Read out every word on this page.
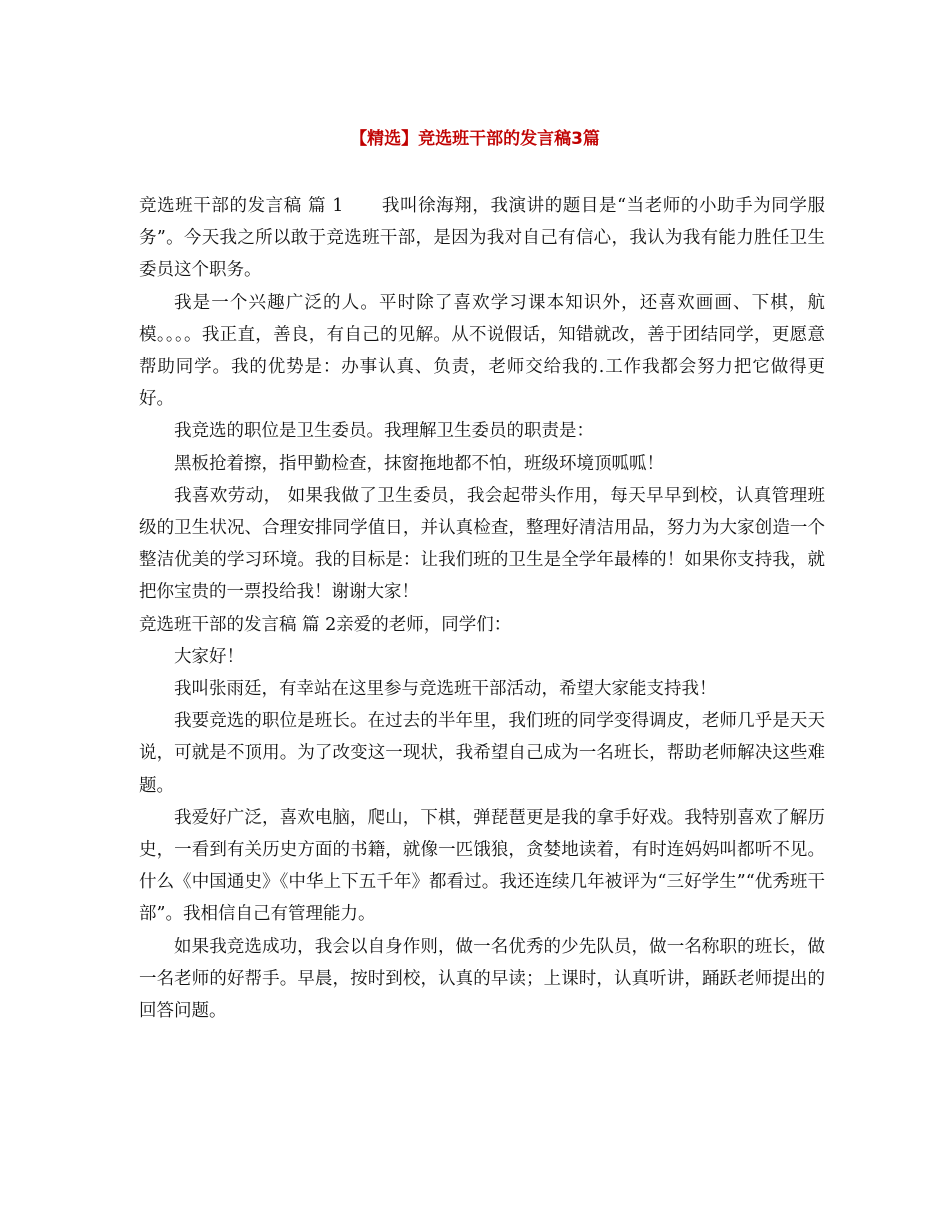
【精选】竞选班干部的发言稿3篇

竞选班干部的发言稿 篇 1 我叫徐海翔，我演讲的题目是“当老师的小助手为同学服务”。今天我之所以敢于竞选班干部，是因为我对自己有信心，我认为我有能力胜任卫生委员这个职务。

我是一个兴趣广泛的人。平时除了喜欢学习课本知识外，还喜欢画画、下棋，航模。。。。我正直，善良，有自己的见解。从不说假话，知错就改，善于团结同学，更愿意帮助同学。我的优势是：办事认真、负责，老师交给我的.工作我都会努力把它做得更好。

我竞选的职位是卫生委员。我理解卫生委员的职责是：

黑板抢着擦，指甲勤检查，抹窗拖地都不怕，班级环境顶呱呱！

我喜欢劳动， 如果我做了卫生委员，我会起带头作用，每天早早到校，认真管理班级的卫生状况、合理安排同学值日，并认真检查，整理好清洁用品，努力为大家创造一个整洁优美的学习环境。我的目标是：让我们班的卫生是全学年最棒的！如果你支持我，就把你宝贵的一票投给我！谢谢大家！

竞选班干部的发言稿 篇 2亲爱的老师，同学们：

大家好！

我叫张雨廷，有幸站在这里参与竞选班干部活动，希望大家能支持我！

我要竞选的职位是班长。在过去的半年里，我们班的同学变得调皮，老师几乎是天天说，可就是不顶用。为了改变这一现状，我希望自己成为一名班长，帮助老师解决这些难题。

我爱好广泛，喜欢电脑，爬山，下棋，弹琵琶更是我的拿手好戏。我特别喜欢了解历史，一看到有关历史方面的书籍，就像一匹饿狼，贪婪地读着，有时连妈妈叫都听不见。什么《中国通史》《中华上下五千年》都看过。我还连续几年被评为“三好学生”“优秀班干部”。我相信自己有管理能力。

如果我竞选成功，我会以自身作则，做一名优秀的少先队员，做一名称职的班长，做一名老师的好帮手。早晨，按时到校，认真的早读；上课时，认真听讲，踊跃老师提出的回答问题。
